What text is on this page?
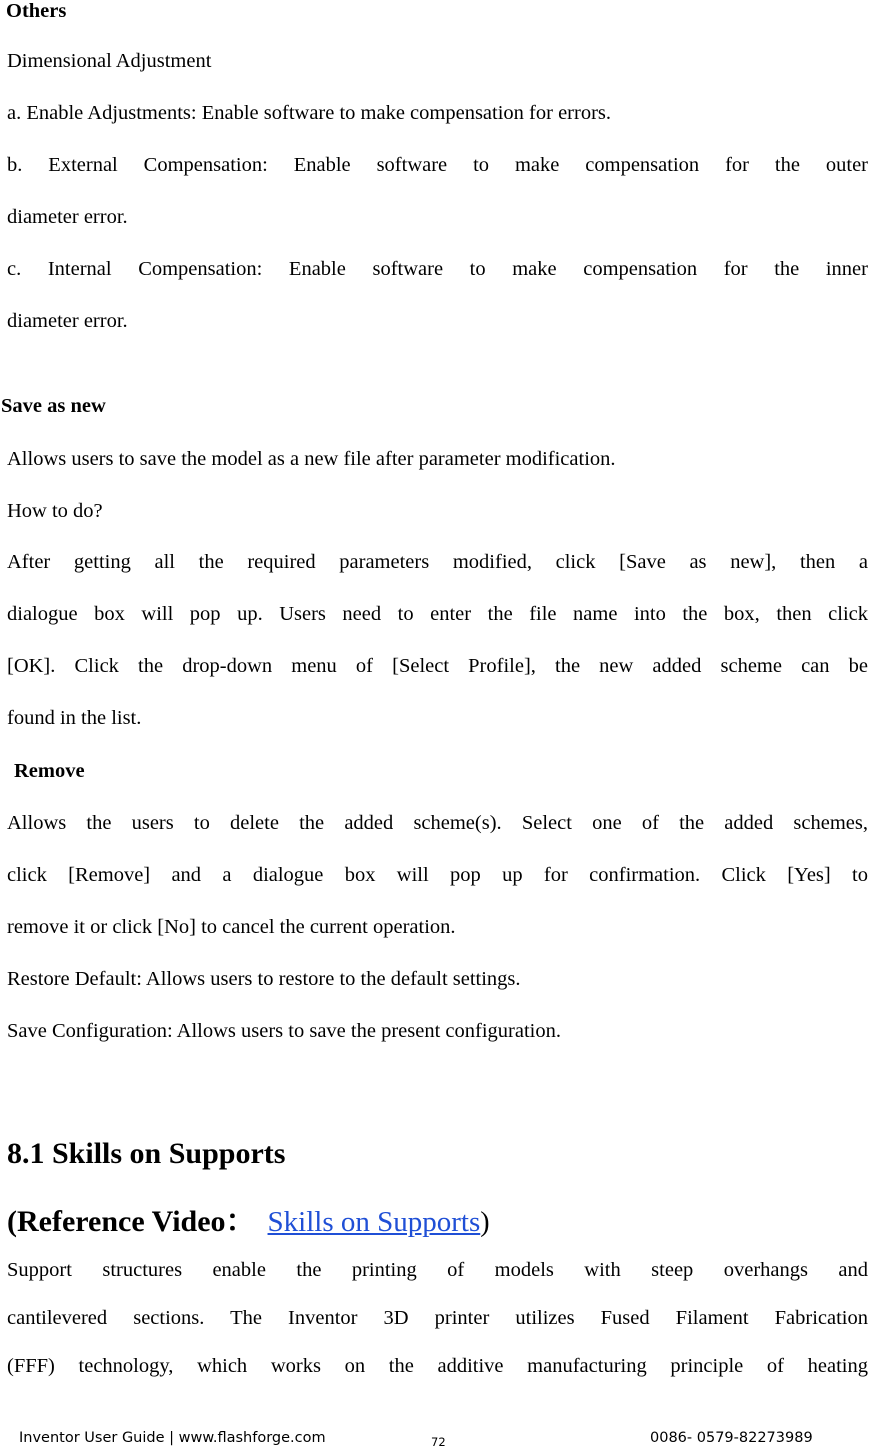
Others
Dimensional Adjustment
a. Enable Adjustments: Enable software to make compensation for errors.
b. External Compensation: Enable software to make compensation for the outer
diameter error.
c. Internal Compensation: Enable software to make compensation for the inner
diameter error.
Save as new
Allows users to save the model as a new file after parameter modification.
How to do?
After getting all the required parameters modified, click [Save as new], then a
dialogue box will pop up. Users need to enter the file name into the box, then click
[OK]. Click the drop-down menu of [Select Profile], the new added scheme can be
found in the list.
Remove
Allows the users to delete the added scheme(s). Select one of the added schemes,
click [Remove] and a dialogue box will pop up for confirmation. Click [Yes] to
remove it or click [No] to cancel the current operation.
Restore Default: Allows users to restore to the default settings.
Save Configuration: Allows users to save the present configuration.
8.1 Skills on Supports
(Reference Video： Skills on Supports)
Support structures enable the printing of models with steep overhangs and
cantilevered sections. The Inventor 3D printer utilizes Fused Filament Fabrication
(FFF) technology, which works on the additive manufacturing principle of heating
Inventor User Guide | www.flashforge.com	72	0086- 0579-82273989
